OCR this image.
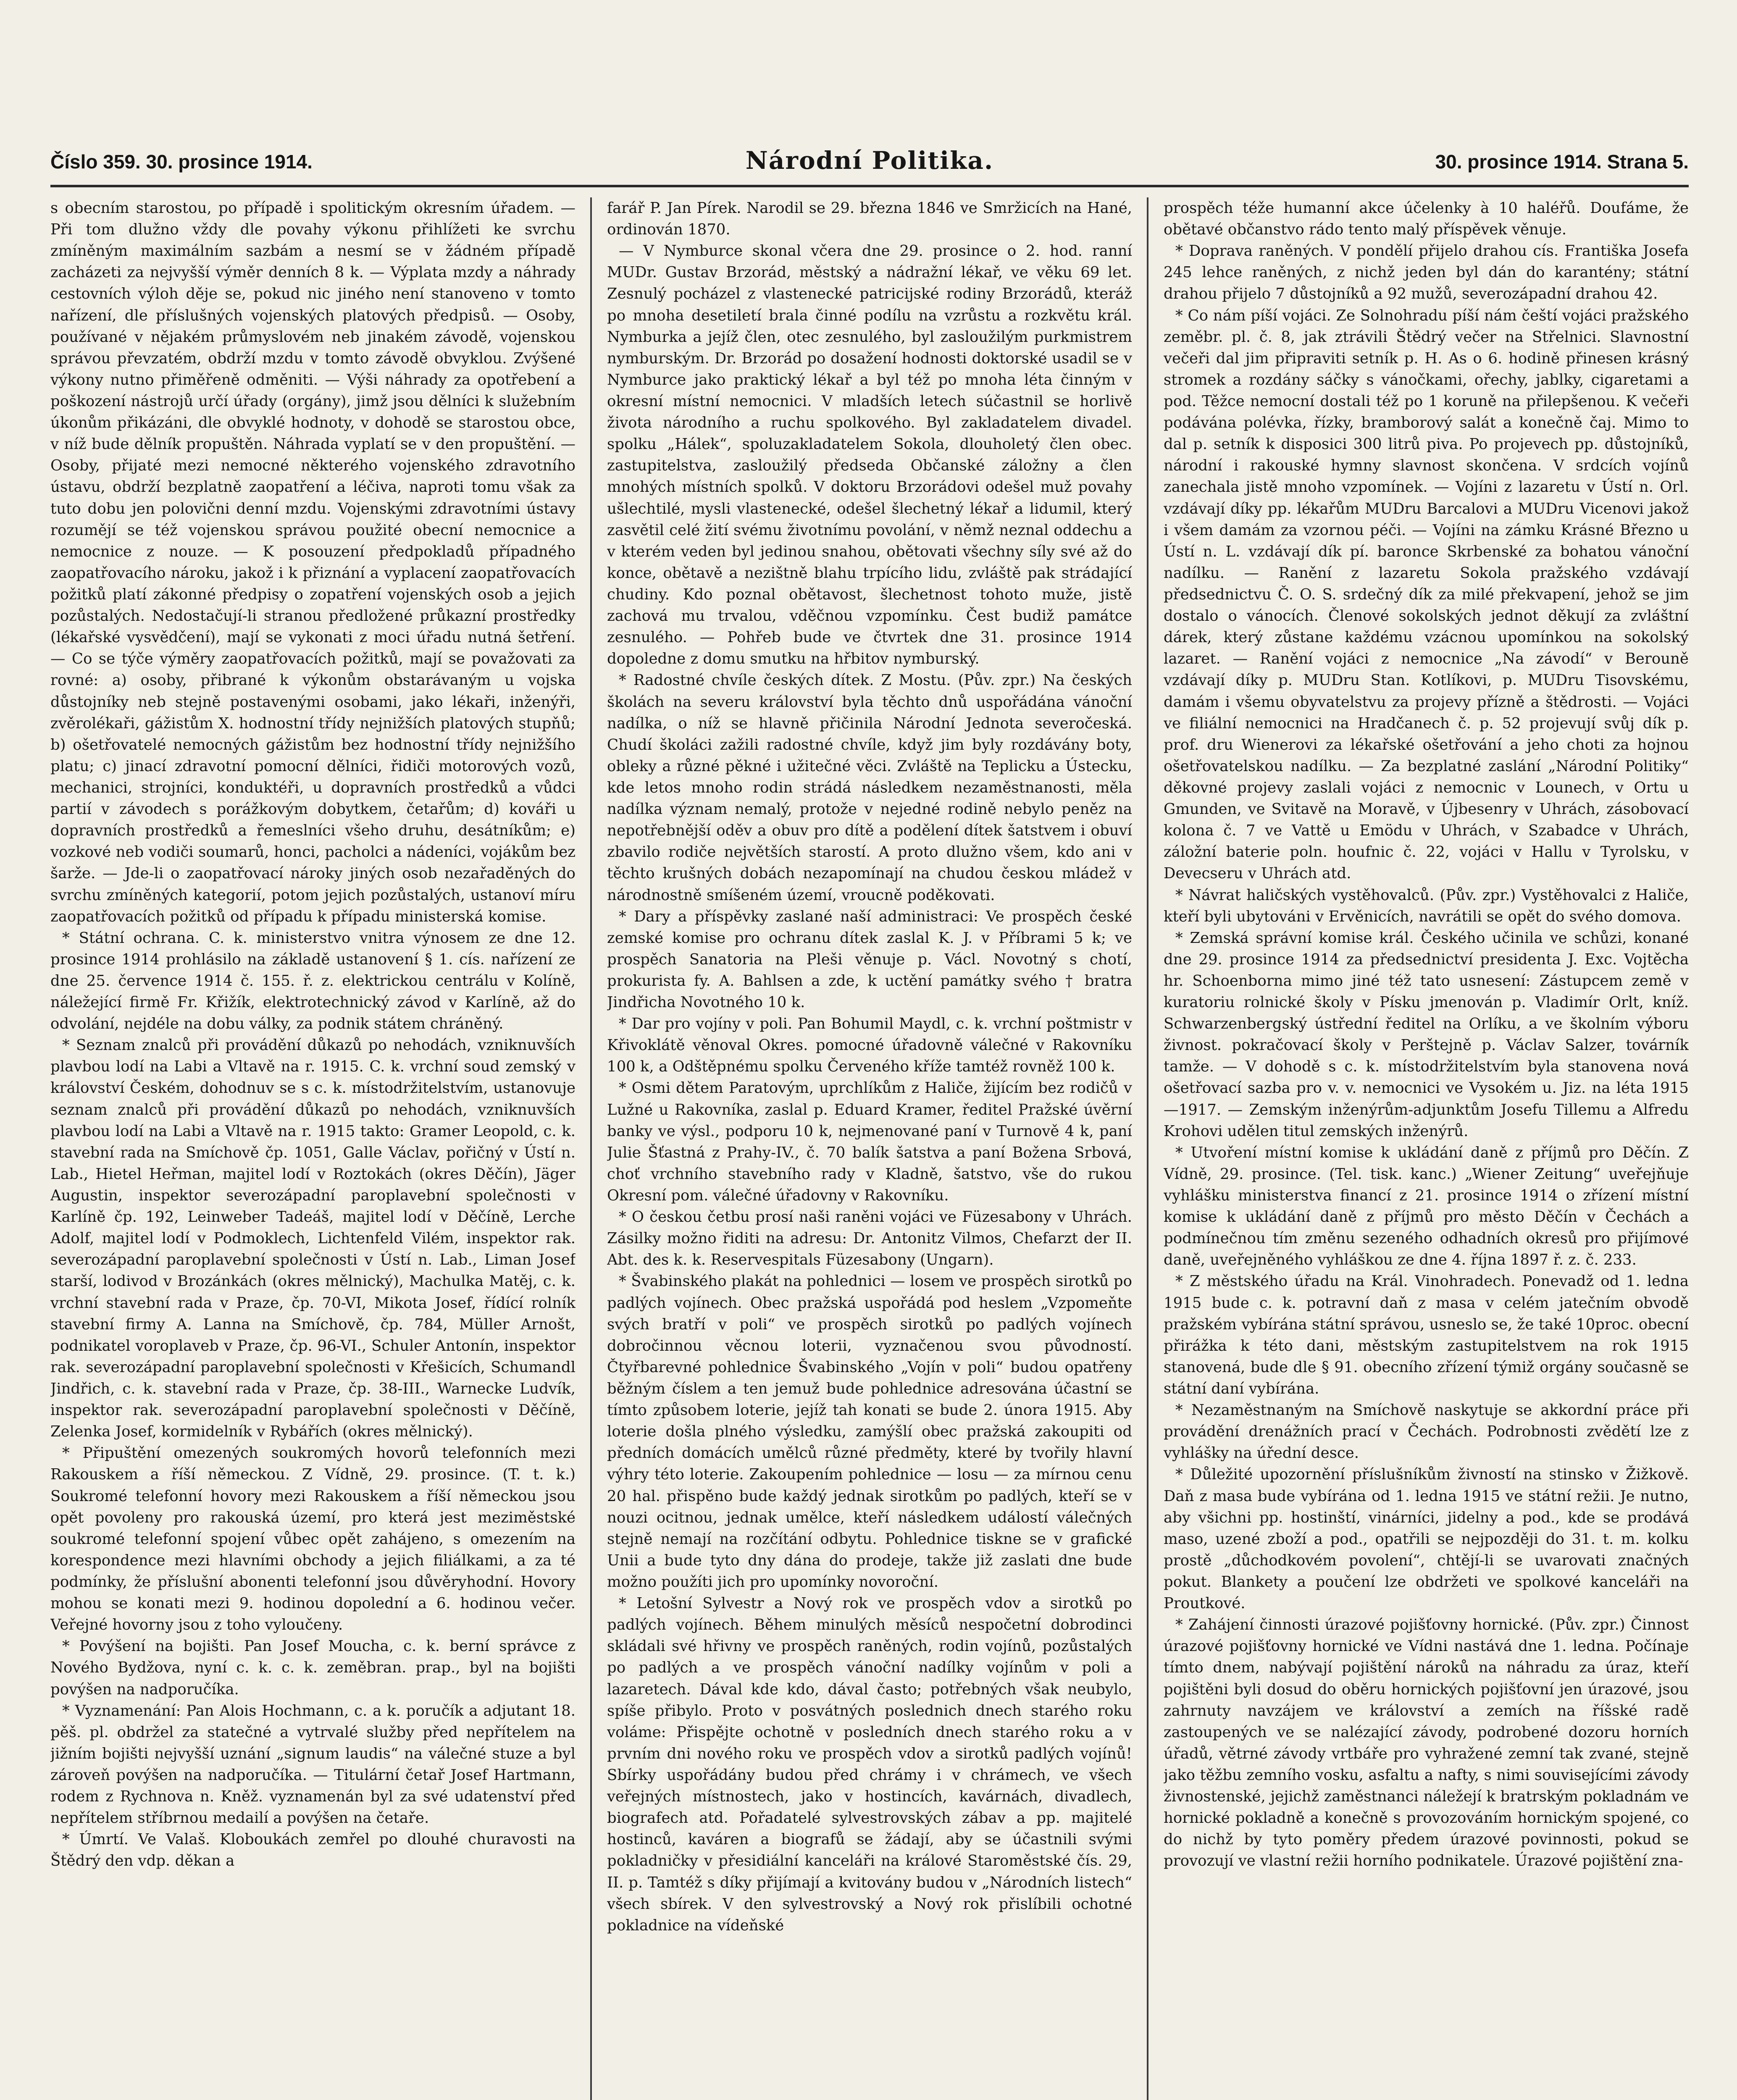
Číslo 359. 30. prosince 1914.	Národní Politika.	30. prosince 1914. Strana 5.

s obecním starostou, po případě i spolitickým okresním úřadem. — Při tom dlužno vždy dle povahy výkonu přihlížeti ke svrchu zmíněným maximálním sazbám a nesmí se v žádném případě zacházeti za nejvyšší výměr denních 8 k. — Výplata mzdy a náhrady cestovních výloh děje se, pokud nic jiného není stanoveno v tomto nařízení, dle příslušných vojenských platových předpisů. — Osoby, používané v nějakém průmyslovém neb jinakém závodě, vojenskou správou převzatém, obdrží mzdu v tomto závodě obvyklou. Zvýšené výkony nutno přiměřeně odměniti. — Výši náhrady za opotřebení a poškození nástrojů určí úřady (orgány), jimž jsou dělníci k služebním úkonům přikázáni, dle obvyklé hodnoty, v dohodě se starostou obce, v níž bude dělník propuštěn. Náhrada vyplatí se v den propuštění. — Osoby, přijaté mezi nemocné některého vojenského zdravotního ústavu, obdrží bezplatně zaopatření a léčiva, naproti tomu však za tuto dobu jen polovični denní mzdu. Vojenskými zdravotními ústavy rozumějí se též vojenskou správou použité obecní nemocnice a nemocnice z nouze. — K posouzení předpokladů případného zaopatřovacího nároku, jakož i k přiznání a vyplacení zaopatřovacích požitků platí zákonné předpisy o zopatření vojenských osob a jejich pozůstalých. Nedostačují-li stranou předložené průkazní prostředky (lékařské vysvědčení), mají se vykonati z moci úřadu nutná šetření. — Co se týče výměry zaopatřovacích požitků, mají se považovati za rovné: a) osoby, přibrané k výkonům obstarávaným u vojska důstojníky neb stejně postavenými osobami, jako lékaři, inženýři, zvěrolékaři, gážistům X. hodnostní třídy nejnižších platových stupňů; b) ošetřovatelé nemocných gážistům bez hodnostní třídy nejnižšího platu; c) jinací zdravotní pomocní dělníci, řidiči motorových vozů, mechanici, strojníci, konduktéři, u dopravních prostředků a vůdci partií v závodech s porážkovým dobytkem, četařům; d) kováři u dopravních prostředků a řemeslníci všeho druhu, desátníkům; e) vozkové neb vodiči soumarů, honci, pacholci a nádeníci, vojákům bez šarže. — Jde-li o zaopatřovací nároky jiných osob nezařaděných do svrchu zmíněných kategorií, potom jejich pozůstalých, ustanoví míru zaopatřovacích požitků od případu k případu ministerská komise.

* Státní ochrana. C. k. ministerstvo vnitra výnosem ze dne 12. prosince 1914 prohlásilo na základě ustanovení § 1. cís. nařízení ze dne 25. července 1914 č. 155. ř. z. elektrickou centrálu v Kolíně, náležející firmě Fr. Křižík, elektrotechnický závod v Karlíně, až do odvolání, nejdéle na dobu války, za podnik státem chráněný.

* Seznam znalců při provádění důkazů po nehodách, vzniknuvších plavbou lodí na Labi a Vltavě na r. 1915. C. k. vrchní soud zemský v království Českém, dohodnuv se s c. k. místodržitelstvím, ustanovuje seznam znalců při provádění důkazů po nehodách, vzniknuvších plavbou lodí na Labi a Vltavě na r. 1915 takto: Gramer Leopold, c. k. stavební rada na Smíchově čp. 1051, Galle Václav, pořičný v Ústí n. Lab., Hietel Heřman, majitel lodí v Roztokách (okres Děčín), Jäger Augustin, inspektor severozápadní paroplavební společnosti v Karlíně čp. 192, Leinweber Tadeáš, majitel lodí v Děčíně, Lerche Adolf, majitel lodí v Podmoklech, Lichtenfeld Vilém, inspektor rak. severozápadní paroplavební společnosti v Ústí n. Lab., Liman Josef starší, lodivod v Brozánkách (okres mělnický), Machulka Matěj, c. k. vrchní stavební rada v Praze, čp. 70-VI, Mikota Josef, řídící rolník stavební firmy A. Lanna na Smíchově, čp. 784, Müller Arnošt, podnikatel voroplaveb v Praze, čp. 96-VI., Schuler Antonín, inspektor rak. severozápadní paroplavební společnosti v Křešicích, Schumandl Jindřich, c. k. stavební rada v Praze, čp. 38-III., Warnecke Ludvík, inspektor rak. severozápadní paroplavební společnosti v Děčíně, Zelenka Josef, kormidelník v Rybářích (okres mělnický).

* Připuštění omezených soukromých hovorů telefonních mezi Rakouskem a říší německou. Z Vídně, 29. prosince. (T. t. k.) Soukromé telefonní hovory mezi Rakouskem a říší německou jsou opět povoleny pro rakouská území, pro která jest meziměstské soukromé telefonní spojení vůbec opět zahájeno, s omezením na korespondence mezi hlavními obchody a jejich filiálkami, a za té podmínky, že příslušní abonenti telefonní jsou důvěryhodní. Hovory mohou se konati mezi 9. hodinou dopolední a 6. hodinou večer. Veřejné hovorny jsou z toho vyloučeny.

* Povýšení na bojišti. Pan Josef Moucha, c. k. berní správce z Nového Bydžova, nyní c. k. c. k. zeměbran. prap., byl na bojišti povýšen na nadporučíka.

* Vyznamenání: Pan Alois Hochmann, c. a k. poručík a adjutant 18. pěš. pl. obdržel za statečné a vytrvalé služby před nepřítelem na jižním bojišti nejvyšší uznání „signum laudis“ na válečné stuze a byl zároveň povýšen na nadporučíka. — Titulární četař Josef Hartmann, rodem z Rychnova n. Kněž. vyznamenán byl za své udatenství před nepřítelem stříbrnou medailí a povýšen na četaře.

* Úmrtí. Ve Valaš. Kloboukách zemřel po dlouhé churavosti na Štědrý den vdp. děkan a

farář P. Jan Pírek. Narodil se 29. března 1846 ve Smržicích na Hané, ordinován 1870.

— V Nymburce skonal včera dne 29. prosince o 2. hod. ranní MUDr. Gustav Brzorád, městský a nádražní lékař, ve věku 69 let. Zesnulý pocházel z vlastenecké patricijské rodiny Brzorádů, kteráž po mnoha desetiletí brala činné podílu na vzrůstu a rozkvětu král. Nymburka a jejíž člen, otec zesnulého, byl zasloužilým purkmistrem nymburským. Dr. Brzorád po dosažení hodnosti doktorské usadil se v Nymburce jako praktický lékař a byl též po mnoha léta činným v okresní místní nemocnici. V mladších letech súčastnil se horlivě života národního a ruchu spolkového. Byl zakladatelem divadel. spolku „Hálek“, spoluzakladatelem Sokola, dlouholetý člen obec. zastupitelstva, zasloužilý předseda Občanské záložny a člen mnohých místních spolků. V doktoru Brzorádovi odešel muž povahy ušlechtilé, mysli vlastenecké, odešel šlechetný lékař a lidumil, který zasvětil celé žití svému životnímu povolání, v němž neznal oddechu a v kterém veden byl jedinou snahou, obětovati všechny síly své až do konce, obětavě a nezištně blahu trpícího lidu, zvláště pak strádající chudiny. Kdo poznal obětavost, šlechetnost tohoto muže, jistě zachová mu trvalou, vděčnou vzpomínku. Čest budiž památce zesnulého. — Pohřeb bude ve čtvrtek dne 31. prosince 1914 dopoledne z domu smutku na hřbitov nymburský.

* Radostné chvíle českých dítek. Z Mostu. (Pův. zpr.) Na českých školách na severu království byla těchto dnů uspořádána vánoční nadílka, o níž se hlavně přičinila Národní Jednota severočeská. Chudí školáci zažili radostné chvíle, když jim byly rozdávány boty, obleky a různé pěkné i užitečné věci. Zvláště na Teplicku a Ústecku, kde letos mnoho rodin strádá následkem nezaměstnanosti, měla nadílka význam nemalý, protože v nejedné rodině nebylo peněz na nepotřebnější oděv a obuv pro dítě a podělení dítek šatstvem i obuví zbavilo rodiče největších starostí. A proto dlužno všem, kdo ani v těchto krušných dobách nezapomínají na chudou českou mládež v národnostně smíšeném území, vroucně poděkovati.

* Dary a příspěvky zaslané naší administraci: Ve prospěch české zemské komise pro ochranu dítek zaslal K. J. v Příbrami 5 k; ve prospěch Sanatoria na Pleši věnuje p. Václ. Novotný s chotí, prokurista fy. A. Bahlsen a zde, k uctění památky svého † bratra Jindřicha Novotného 10 k.

* Dar pro vojíny v poli. Pan Bohumil Maydl, c. k. vrchní poštmistr v Křivoklátě věnoval Okres. pomocné úřadovně válečné v Rakovníku 100 k, a Odštěpnému spolku Červeného kříže tamtéž rovněž 100 k.

* Osmi dětem Paratovým, uprchlíkům z Haliče, žijícím bez rodičů v Lužné u Rakovníka, zaslal p. Eduard Kramer, ředitel Pražské úvěrní banky ve výsl., podporu 10 k, nejmenované paní v Turnově 4 k, paní Julie Šťastná z Prahy-IV., č. 70 balík šatstva a paní Božena Srbová, choť vrchního stavebního rady v Kladně, šatstvo, vše do rukou Okresní pom. válečné úřadovny v Rakovníku.

* O českou četbu prosí naši raněni vojáci ve Füzesabony v Uhrách. Zásilky možno řiditi na adresu: Dr. Antonitz Vilmos, Chefarzt der II. Abt. des k. k. Reservespitals Füzesabony (Ungarn).

* Švabinského plakát na pohlednici — losem ve prospěch sirotků po padlých vojínech. Obec pražská uspořádá pod heslem „Vzpomeňte svých bratří v poli“ ve prospěch sirotků po padlých vojínech dobročinnou věcnou loterii, vyznačenou svou původností. Čtyřbarevné pohlednice Švabinského „Vojín v poli“ budou opatřeny běžným číslem a ten jemuž bude pohlednice adresována účastní se tímto způsobem loterie, jejíž tah konati se bude 2. února 1915. Aby loterie došla plného výsledku, zamýšlí obec pražská zakoupiti od předních domácích umělců různé předměty, které by tvořily hlavní výhry této loterie. Zakoupením pohlednice — losu — za mírnou cenu 20 hal. přispěno bude každý jednak sirotkům po padlých, kteří se v nouzi ocitnou, jednak umělce, kteří následkem událostí válečných stejně nemají na rozčítání odbytu. Pohlednice tiskne se v grafické Unii a bude tyto dny dána do prodeje, takže již zaslati dne bude možno použíti jich pro upomínky novoroční.

* Letošní Sylvestr a Nový rok ve prospěch vdov a sirotků po padlých vojínech. Během minulých měsíců nespočetní dobrodinci skládali své hřivny ve prospěch raněných, rodin vojínů, pozůstalých po padlých a ve prospěch vánoční nadílky vojínům v poli a lazaretech. Dával kde kdo, dával často; potřebných však neubylo, spíše přibylo. Proto v posvátných poslednich dnech starého roku voláme: Přispějte ochotně v posledních dnech starého roku a v prvním dni nového roku ve prospěch vdov a sirotků padlých vojínů! Sbírky uspořádány budou před chrámy i v chrámech, ve všech veřejných místnostech, jako v hostincích, kavárnách, divadlech, biografech atd. Pořadatelé sylvestrovských zábav a pp. majitelé hostinců, kaváren a biografů se žádají, aby se účastnili svými pokladničky v přesidiální kanceláři na králové Staroměstské čís. 29, II. p. Tamtéž s díky přijímají a kvitovány budou v „Národních listech“ všech sbírek. V den sylvestrovský a Nový rok přislíbili ochotné pokladnice na vídeňské

prospěch téže humanní akce účelenky à 10 haléřů. Doufáme, že obětavé občanstvo rádo tento malý příspěvek věnuje.

* Doprava raněných. V pondělí přijelo drahou cís. Františka Josefa 245 lehce raněných, z nichž jeden byl dán do karantény; státní drahou přijelo 7 důstojníků a 92 mužů, severozápadní drahou 42.

* Co nám píší vojáci. Ze Solnohradu píší nám čeští vojáci pražského zeměbr. pl. č. 8, jak ztrávili Štědrý večer na Střelnici. Slavnostní večeři dal jim připraviti setník p. H. As o 6. hodině přinesen krásný stromek a rozdány sáčky s vánočkami, ořechy, jablky, cigaretami a pod. Těžce nemocní dostali též po 1 koruně na přilepšenou. K večeři podávána polévka, řízky, bramborový salát a konečně čaj. Mimo to dal p. setník k disposici 300 litrů piva. Po projevech pp. důstojníků, národní i rakouské hymny slavnost skončena. V srdcích vojínů zanechala jistě mnoho vzpomínek. — Vojíni z lazaretu v Ústí n. Orl. vzdávají díky pp. lékařům MUDru Barcalovi a MUDru Vicenovi jakož i všem damám za vzornou péči. — Vojíni na zámku Krásné Březno u Ústí n. L. vzdávají dík pí. baronce Skrbenské za bohatou vánoční nadílku. — Ranění z lazaretu Sokola pražského vzdávají předsednictvu Č. O. S. srdečný dík za milé překvapení, jehož se jim dostalo o vánocích. Členové sokolských jednot děkují za zvláštní dárek, který zůstane každému vzácnou upomínkou na sokolský lazaret. — Ranění vojáci z nemocnice „Na závodí“ v Berouně vzdávají díky p. MUDru Stan. Kotlíkovi, p. MUDru Tisovskému, damám i všemu obyvatelstvu za projevy přízně a štědrosti. — Vojáci ve filiální nemocnici na Hradčanech č. p. 52 projevují svůj dík p. prof. dru Wienerovi za lékařské ošetřování a jeho choti za hojnou ošetřovatelskou nadílku. — Za bezplatné zaslání „Národní Politiky“ děkovné projevy zaslali vojáci z nemocnic v Lounech, v Ortu u Gmunden, ve Svitavě na Moravě, v Újbesenry v Uhrách, zásobovací kolona č. 7 ve Vattě u Emödu v Uhrách, v Szabadce v Uhrách, záložní baterie poln. houfnic č. 22, vojáci v Hallu v Tyrolsku, v Devecseru v Uhrách atd.

* Návrat haličských vystěhovalců. (Pův. zpr.) Vystěhovalci z Haliče, kteří byli ubytováni v Ervěnicích, navrátili se opět do svého domova.

* Zemská správní komise král. Českého učinila ve schůzi, konané dne 29. prosince 1914 za předsednictví presidenta J. Exc. Vojtěcha hr. Schoenborna mimo jiné též tato usnesení: Zástupcem země v kuratoriu rolnické školy v Písku jmenován p. Vladimír Orlt, kníž. Schwarzenbergský ústřední ředitel na Orlíku, a ve školním výboru živnost. pokračovací školy v Perštejně p. Václav Salzer, továrník tamže. — V dohodě s c. k. místodržitelstvím byla stanovena nová ošetřovací sazba pro v. v. nemocnici ve Vysokém u. Jiz. na léta 1915—1917. — Zemským inženýrům-adjunktům Josefu Tillemu a Alfredu Krohovi udělen titul zemských inženýrů.

* Utvoření místní komise k ukládání daně z příjmů pro Děčín. Z Vídně, 29. prosince. (Tel. tisk. kanc.) „Wiener Zeitung“ uveřejňuje vyhlášku ministerstva financí z 21. prosince 1914 o zřízení místní komise k ukládání daně z příjmů pro město Děčín v Čechách a podmínečnou tím změnu sezeného odhadních okresů pro přijímové daně, uveřejněného vyhláškou ze dne 4. října 1897 ř. z. č. 233.

* Z městského úřadu na Král. Vinohradech. Ponevadž od 1. ledna 1915 bude c. k. potravní daň z masa v celém jatečním obvodě pražském vybírána státní správou, usneslo se, že také 10proc. obecní přirážka k této dani, městským zastupitelstvem na rok 1915 stanovená, bude dle § 91. obecního zřízení týmiž orgány současně se státní daní vybírána.

* Nezaměstnaným na Smíchově naskytuje se akkordní práce při provádění drenážních prací v Čechách. Podrobnosti zvědětí lze z vyhlášky na úřední desce.

* Důležité upozornění příslušníkům živností na stinsko v Žižkově. Daň z masa bude vybírána od 1. ledna 1915 ve státní režii. Je nutno, aby všichni pp. hostinští, vinárníci, jidelny a pod., kde se prodává maso, uzené zboží a pod., opatřili se nejpozději do 31. t. m. kolku prostě „důchodkovém povolení“, chtějí-li se uvarovati značných pokut. Blankety a poučení lze obdržeti ve spolkové kanceláři na Proutkové.

* Zahájení činnosti úrazové pojišťovny hornické. (Pův. zpr.) Činnost úrazové pojišťovny hornické ve Vídni nastává dne 1. ledna. Počínaje tímto dnem, nabývají pojištění nároků na náhradu za úraz, kteří pojištěni byli dosud do oběru hornických pojišťovní jen úrazové, jsou zahrnuty navzájem ve království a zemích na říšské radě zastoupených ve se nalézající závody, podrobené dozoru horních úřadů, větrné závody vrtbáře pro vyhražené zemní tak zvané, stejně jako těžbu zemního vosku, asfaltu a nafty, s nimi souvisejícími závody živnostenské, jejichž zaměstnanci náležejí k bratrským pokladnám ve hornické pokladně a konečně s provozováním hornickým spojené, co do nichž by tyto poměry předem úrazové povinnosti, pokud se provozují ve vlastní režii horního podnikatele. Úrazové pojištění zna-
